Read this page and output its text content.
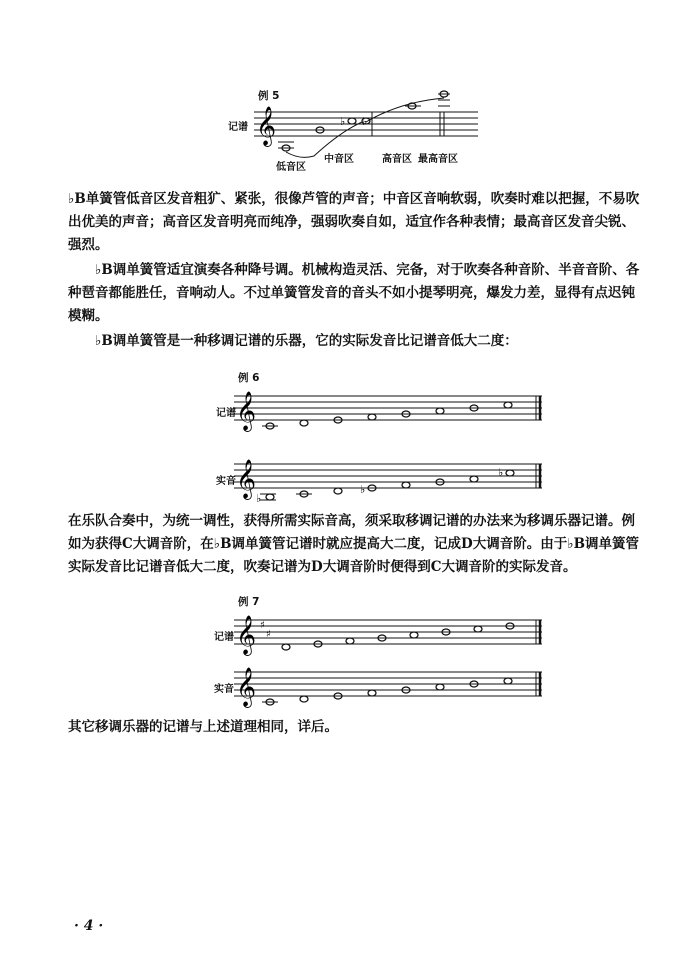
例 5
记谱 𝄞	♭ ♭
低音区
中音区	高音区 最高音区

♭B单簧管低音区发音粗犷、紧张，很像芦管的声音；中音区音响软弱，吹奏时难以把握，不易吹出优美的声音；高音区发音明亮而纯净，强弱吹奏自如，适宜作各种表情；最高音区发音尖锐、强烈。

♭B调单簧管适宜演奏各种降号调。机械构造灵活、完备，对于吹奏各种音阶、半音音阶、各种琶音都能胜任，音响动人。不过单簧管发音的音头不如小提琴明亮，爆发力差，显得有点迟钝模糊。

♭B调单簧管是一种移调记谱的乐器，它的实际发音比记谱音低大二度：

例 6
记谱 𝄞
实音 𝄞 ♭
♭
♭

在乐队合奏中，为统一调性，获得所需实际音高，须采取移调记谱的办法来为移调乐器记谱。例如为获得C大调音阶，在♭B调单簧管记谱时就应提高大二度，记成D大调音阶。由于♭B调单簧管实际发音比记谱音低大二度，吹奏记谱为D大调音阶时便得到C大调音阶的实际发音。

例 7
记谱 𝄞 ♯
♯
实音 𝄞

其它移调乐器的记谱与上述道理相同，详后。

· 4 ·
